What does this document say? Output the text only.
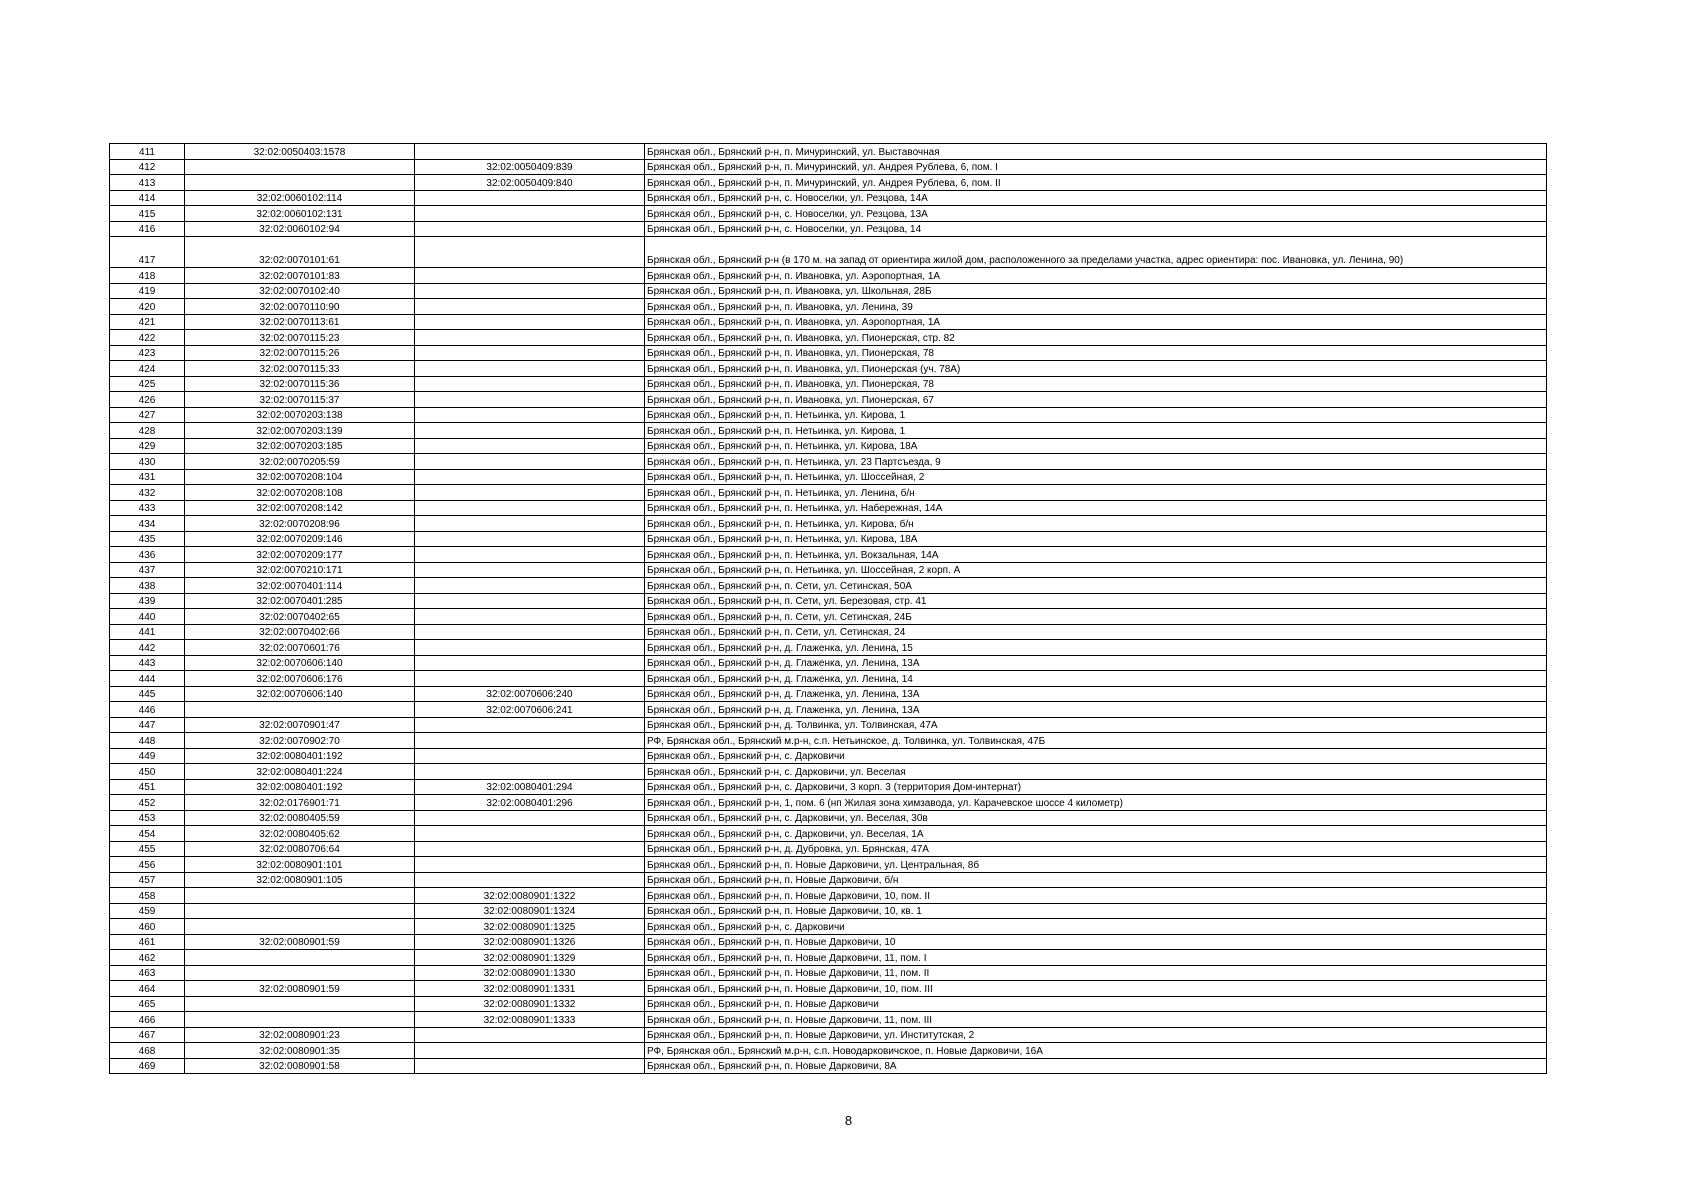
411	32:02:0050403:1578		Брянская обл., Брянский р-н, п. Мичуринский, ул. Выставочная
412		32:02:0050409:839	Брянская обл., Брянский р-н, п. Мичуринский, ул. Андрея Рублева, 6, пом. I
413		32:02:0050409:840	Брянская обл., Брянский р-н, п. Мичуринский, ул. Андрея Рублева, 6, пом. II
414	32:02:0060102:114		Брянская обл., Брянский р-н, с. Новоселки, ул. Резцова, 14А
415	32:02:0060102:131		Брянская обл., Брянский р-н, с. Новоселки, ул. Резцова, 13А
416	32:02:0060102:94		Брянская обл., Брянский р-н, с. Новоселки, ул. Резцова, 14
417	32:02:0070101:61		Брянская обл., Брянский р-н (в 170 м. на запад от ориентира жилой дом, расположенного за пределами участка, адрес ориентира: пос. Ивановка, ул. Ленина, 90)
418	32:02:0070101:83		Брянская обл., Брянский р-н, п. Ивановка, ул. Аэропортная, 1А
419	32:02:0070102:40		Брянская обл., Брянский р-н, п. Ивановка, ул. Школьная, 28Б
420	32:02:0070110:90		Брянская обл., Брянский р-н, п. Ивановка, ул. Ленина, 39
421	32:02:0070113:61		Брянская обл., Брянский р-н, п. Ивановка, ул. Аэропортная, 1А
422	32:02:0070115:23		Брянская обл., Брянский р-н, п. Ивановка, ул. Пионерская, стр. 82
423	32:02:0070115:26		Брянская обл., Брянский р-н, п. Ивановка, ул. Пионерская, 78
424	32:02:0070115:33		Брянская обл., Брянский р-н, п. Ивановка, ул. Пионерская (уч. 78А)
425	32:02:0070115:36		Брянская обл., Брянский р-н, п. Ивановка, ул. Пионерская, 78
426	32:02:0070115:37		Брянская обл., Брянский р-н, п. Ивановка, ул. Пионерская, 67
427	32:02:0070203:138		Брянская обл., Брянский р-н, п. Нетьинка, ул. Кирова, 1
428	32:02:0070203:139		Брянская обл., Брянский р-н, п. Нетьинка, ул. Кирова, 1
429	32:02:0070203:185		Брянская обл., Брянский р-н, п. Нетьинка, ул. Кирова, 18А
430	32:02:0070205:59		Брянская обл., Брянский р-н, п. Нетьинка, ул. 23 Партсъезда, 9
431	32:02:0070208:104		Брянская обл., Брянский р-н, п. Нетьинка, ул. Шоссейная, 2
432	32:02:0070208:108		Брянская обл., Брянский р-н, п. Нетьинка, ул. Ленина, б/н
433	32:02:0070208:142		Брянская обл., Брянский р-н, п. Нетьинка, ул. Набережная, 14А
434	32:02:0070208:96		Брянская обл., Брянский р-н, п. Нетьинка, ул. Кирова, б/н
435	32:02:0070209:146		Брянская обл., Брянский р-н, п. Нетьинка, ул. Кирова, 18А
436	32:02:0070209:177		Брянская обл., Брянский р-н, п. Нетьинка, ул. Вокзальная, 14А
437	32:02:0070210:171		Брянская обл., Брянский р-н, п. Нетьинка, ул. Шоссейная, 2 корп. А
438	32:02:0070401:114		Брянская обл., Брянский р-н, п. Сети, ул. Сетинская, 50А
439	32:02:0070401:285		Брянская обл., Брянский р-н, п. Сети, ул. Березовая, стр. 41
440	32:02:0070402:65		Брянская обл., Брянский р-н, п. Сети, ул. Сетинская, 24Б
441	32:02:0070402:66		Брянская обл., Брянский р-н, п. Сети, ул. Сетинская, 24
442	32:02:0070601:76		Брянская обл., Брянский р-н, д. Глаженка, ул. Ленина, 15
443	32:02:0070606:140		Брянская обл., Брянский р-н, д. Глаженка, ул. Ленина, 13А
444	32:02:0070606:176		Брянская обл., Брянский р-н, д. Глаженка, ул. Ленина, 14
445	32:02:0070606:140	32:02:0070606:240	Брянская обл., Брянский р-н, д. Глаженка, ул. Ленина, 13А
446		32:02:0070606:241	Брянская обл., Брянский р-н, д. Глаженка, ул. Ленина, 13А
447	32:02:0070901:47		Брянская обл., Брянский р-н, д. Толвинка, ул. Толвинская, 47А
448	32:02:0070902:70		РФ, Брянская обл., Брянский м.р-н, с.п. Нетьинское, д. Толвинка, ул. Толвинская, 47Б
449	32:02:0080401:192		Брянская обл., Брянский р-н, с. Дарковичи
450	32:02:0080401:224		Брянская обл., Брянский р-н, с. Дарковичи, ул. Веселая
451	32:02:0080401:192	32:02:0080401:294	Брянская обл., Брянский р-н, с. Дарковичи, 3 корп. 3 (территория Дом-интернат)
452	32:02:0176901:71	32:02:0080401:296	Брянская обл., Брянский р-н, 1, пом. 6 (нп Жилая зона химзавода, ул. Карачевское шоссе 4 километр)
453	32:02:0080405:59		Брянская обл., Брянский р-н, с. Дарковичи, ул. Веселая, 30в
454	32:02:0080405:62		Брянская обл., Брянский р-н, с. Дарковичи, ул. Веселая, 1А
455	32:02:0080706:64		Брянская обл., Брянский р-н, д. Дубровка, ул. Брянская, 47А
456	32:02:0080901:101		Брянская обл., Брянский р-н, п. Новые Дарковичи, ул. Центральная, 8б
457	32:02:0080901:105		Брянская обл., Брянский р-н, п. Новые Дарковичи, б/н
458		32:02:0080901:1322	Брянская обл., Брянский р-н, п. Новые Дарковичи, 10, пом. II
459		32:02:0080901:1324	Брянская обл., Брянский р-н, п. Новые Дарковичи, 10, кв. 1
460		32:02:0080901:1325	Брянская обл., Брянский р-н, с. Дарковичи
461	32:02:0080901:59	32:02:0080901:1326	Брянская обл., Брянский р-н, п. Новые Дарковичи, 10
462		32:02:0080901:1329	Брянская обл., Брянский р-н, п. Новые Дарковичи, 11, пом. I
463		32:02:0080901:1330	Брянская обл., Брянский р-н, п. Новые Дарковичи, 11, пом. II
464	32:02:0080901:59	32:02:0080901:1331	Брянская обл., Брянский р-н, п. Новые Дарковичи, 10, пом. III
465		32:02:0080901:1332	Брянская обл., Брянский р-н, п. Новые Дарковичи
466		32:02:0080901:1333	Брянская обл., Брянский р-н, п. Новые Дарковичи, 11, пом. III
467	32:02:0080901:23		Брянская обл., Брянский р-н, п. Новые Дарковичи, ул. Институтская, 2
468	32:02:0080901:35		РФ, Брянская обл., Брянский м.р-н, с.п. Новодарковичское, п. Новые Дарковичи, 16А
469	32:02:0080901:58		Брянская обл., Брянский р-н, п. Новые Дарковичи, 8А
8
